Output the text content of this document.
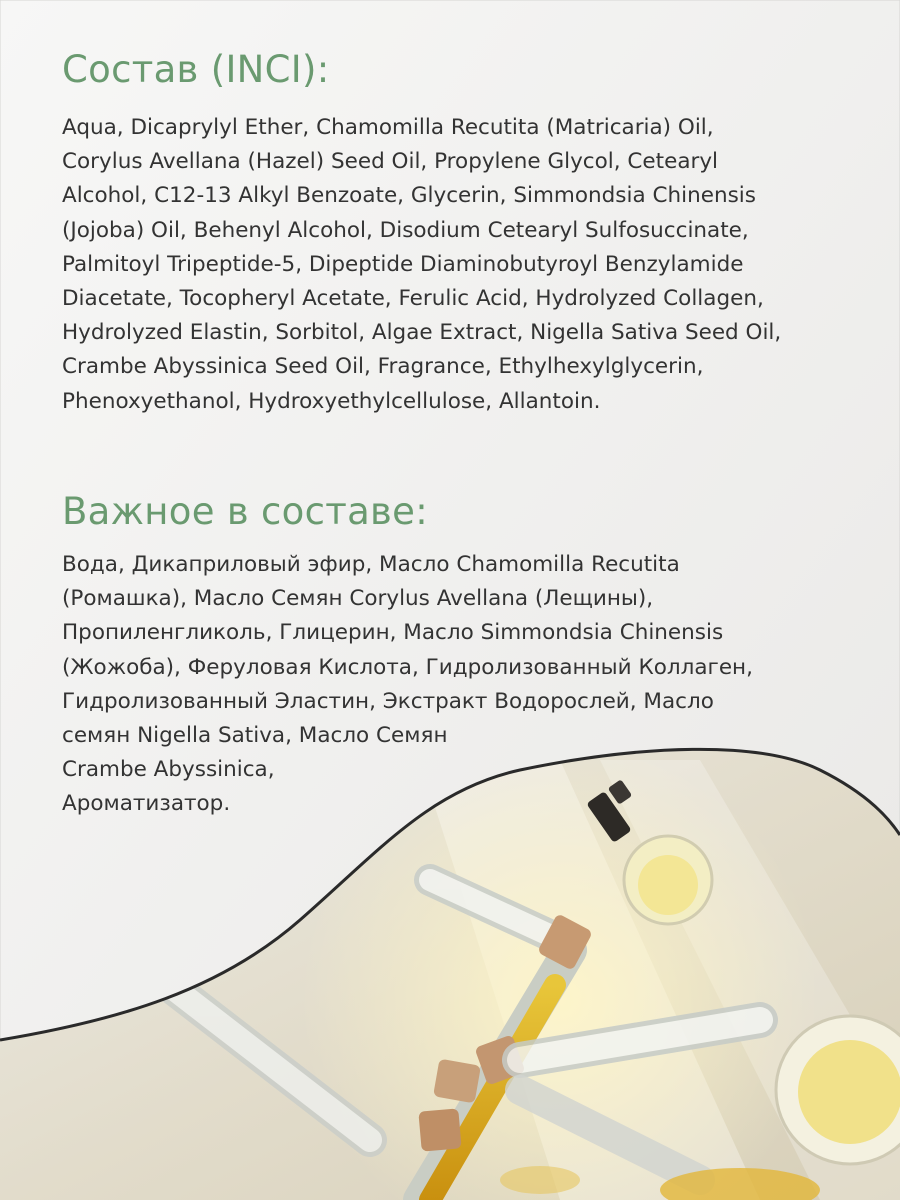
Состав (INCI):

Aqua, Dicaprylyl Ether, Chamomilla Recutita (Matricaria) Oil,
Corylus Avellana (Hazel) Seed Oil, Propylene Glycol, Cetearyl
Alcohol, C12-13 Alkyl Benzoate, Glycerin, Simmondsia Chinensis
(Jojoba) Oil, Behenyl Alcohol, Disodium Cetearyl Sulfosuccinate,
Palmitoyl Tripeptide-5, Dipeptide Diaminobutyroyl Benzylamide
Diacetate, Tocopheryl Acetate, Ferulic Acid, Hydrolyzed Collagen,
Hydrolyzed Elastin, Sorbitol, Algae Extract, Nigella Sativa Seed Oil,
Crambe Abyssinica Seed Oil, Fragrance, Ethylhexylglycerin,
Phenoxyethanol, Hydroxyethylcellulose, Allantoin.

Важное в составе:

Вода, Дикаприловый эфир, Масло Chamomilla Recutita
(Ромашка), Масло Семян Corylus Avellana (Лещины),
Пропиленгликоль, Глицерин, Масло Simmondsia Chinensis
(Жожоба), Феруловая Кислота, Гидролизованный Коллаген,
Гидролизованный Эластин, Экстракт Водорослей, Масло
семян Nigella Sativa, Масло Семян
Crambe Abyssinica,
Ароматизатор.
